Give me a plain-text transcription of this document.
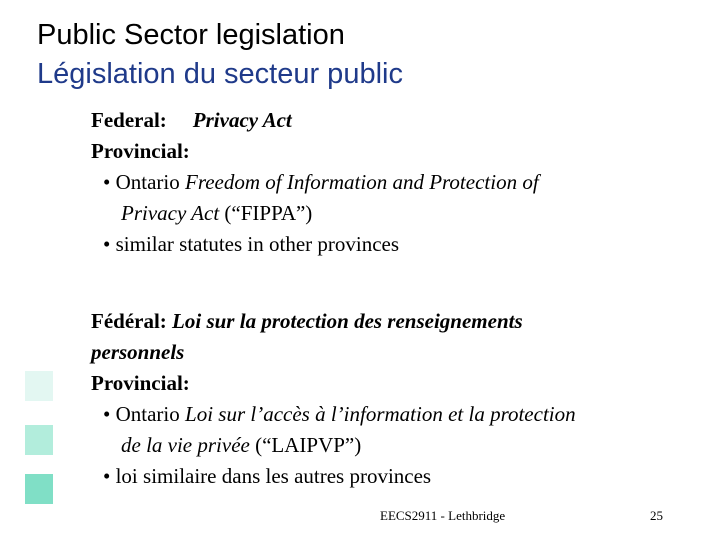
Public Sector legislation
Législation du secteur public
Federal: Privacy Act
Provincial:
• Ontario Freedom of Information and Protection of
Privacy Act (“FIPPA”)
• similar statutes in other provinces
Fédéral: Loi sur la protection des renseignements
personnels
Provincial:
• Ontario Loi sur l’accès à l’information et la protection
de la vie privée (“LAIPVP”)
• loi similaire dans les autres provinces
EECS2911 - Lethbridge	25
